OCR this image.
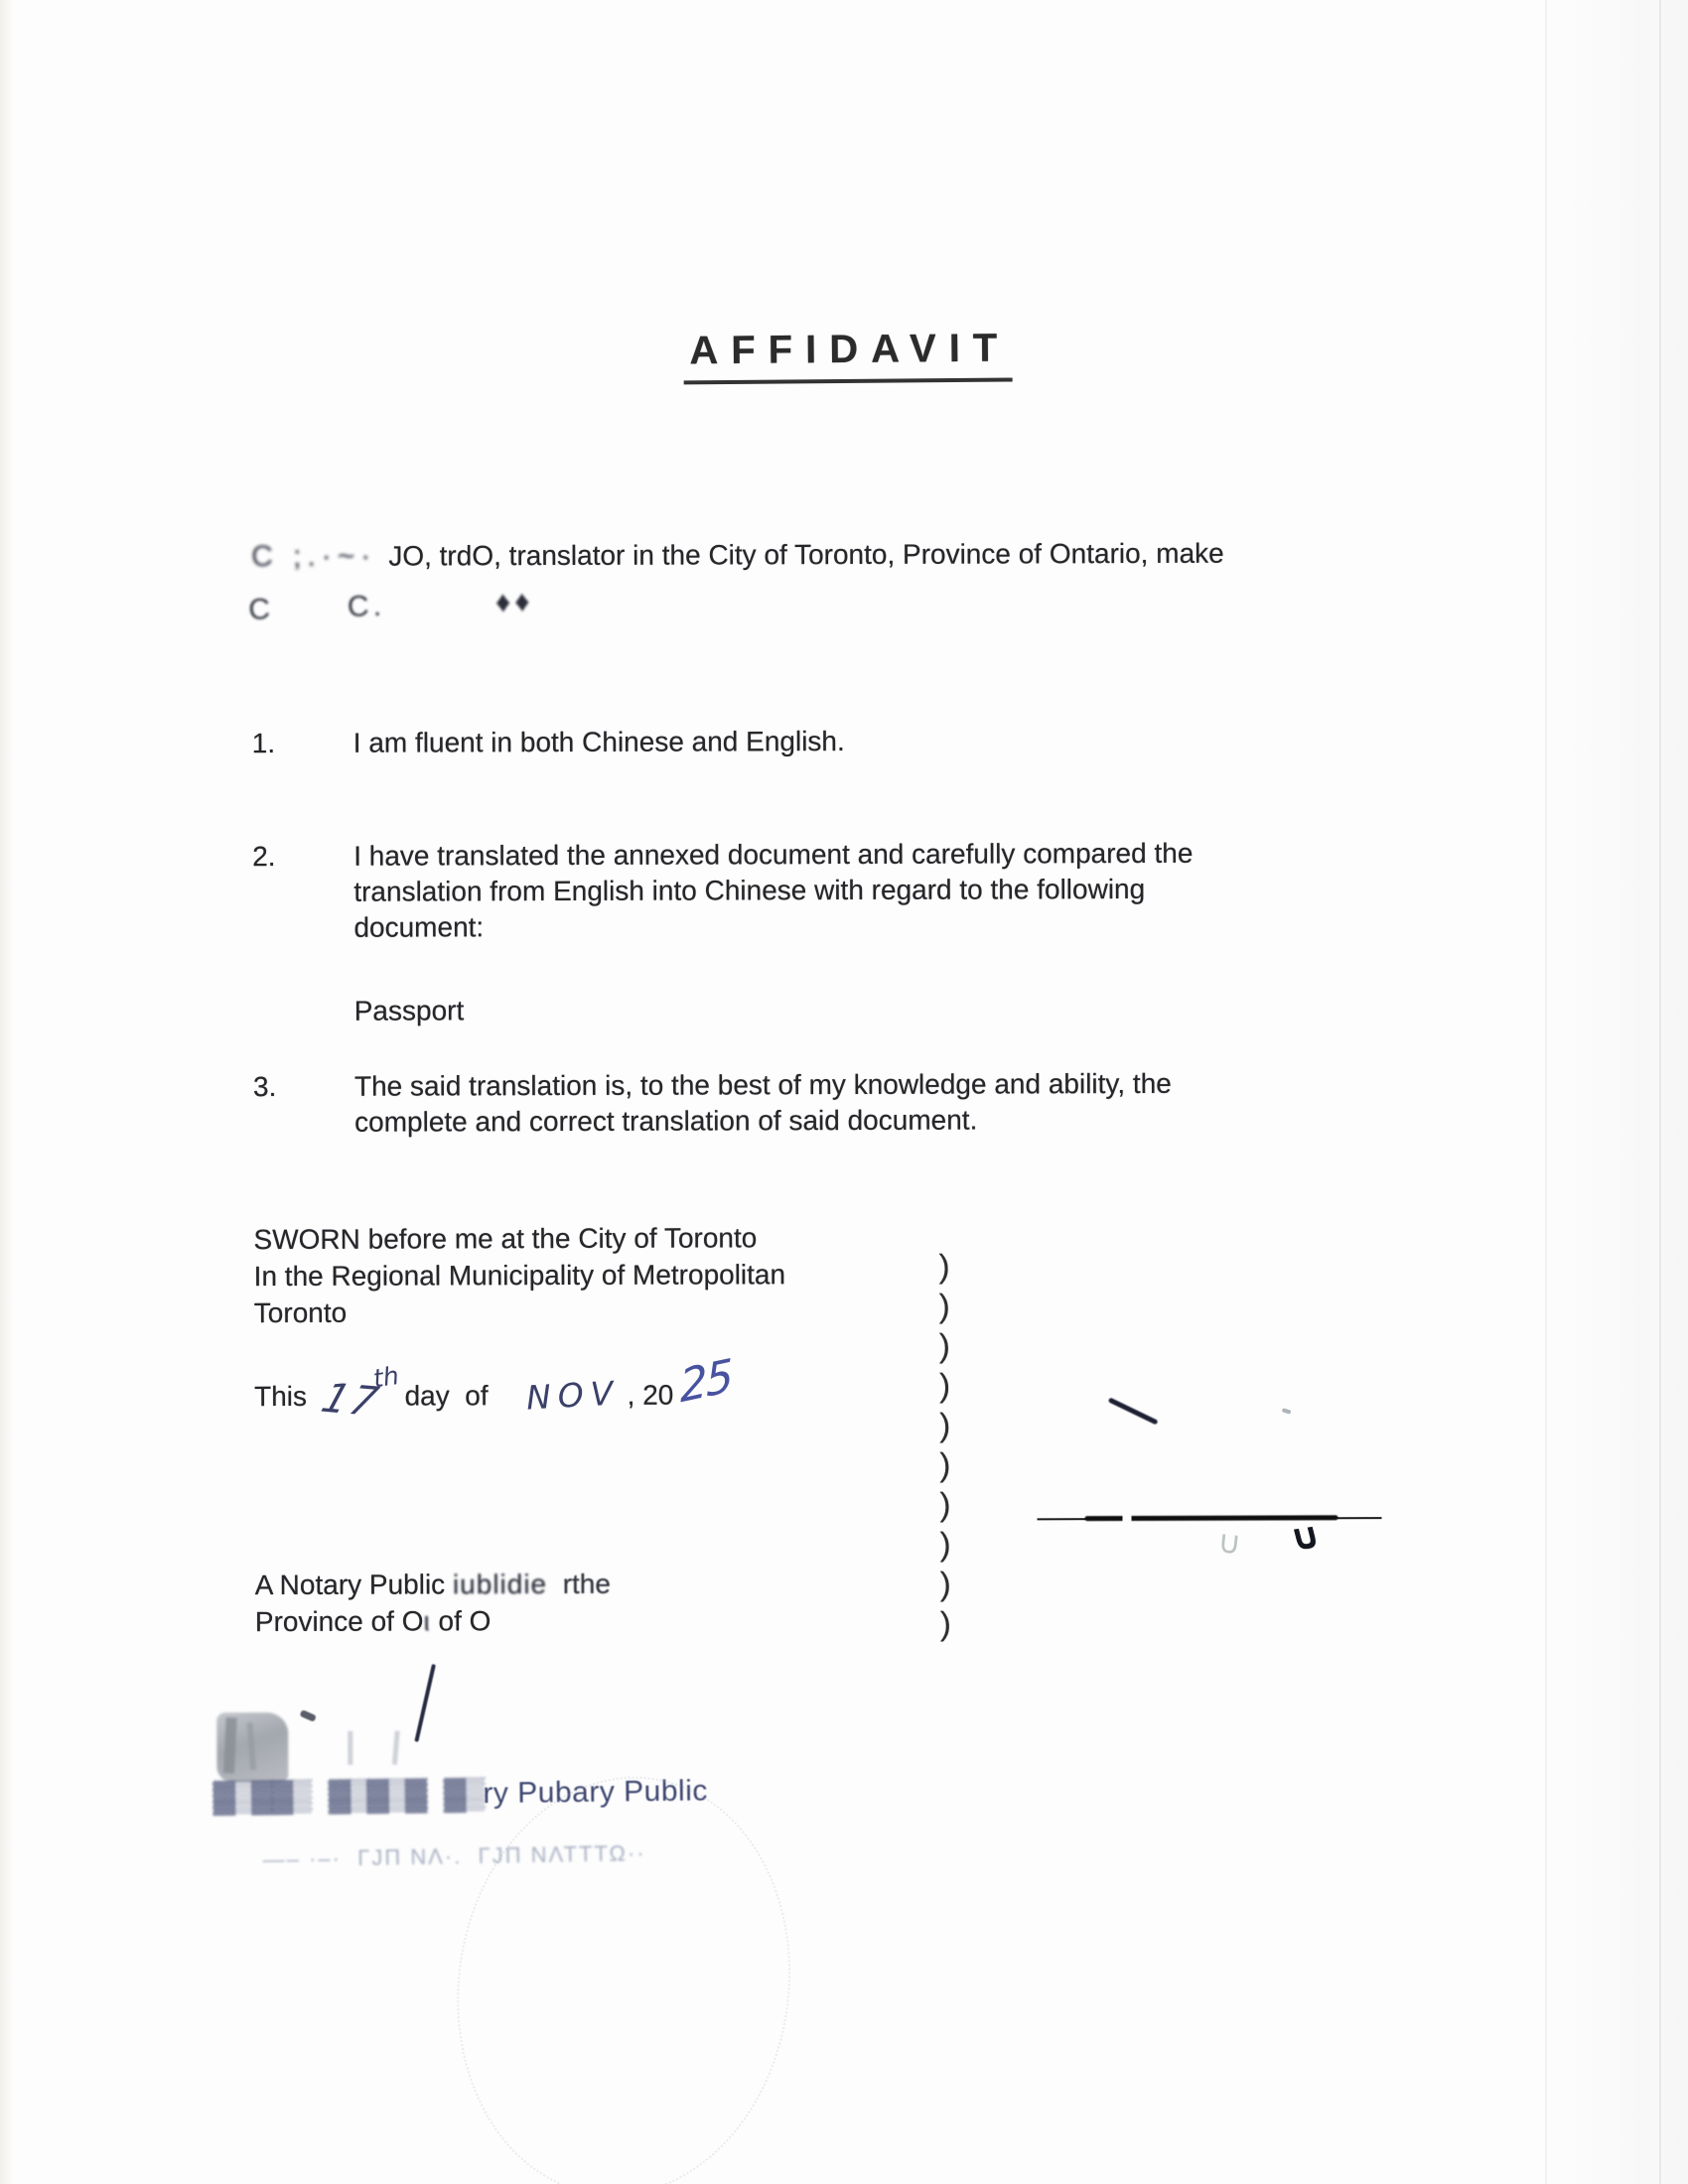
AFFIDAVIT
C ;.·~· JO, trdO, translator in the City of Toronto, Province of Ontario, make
C      C.         ♦♦
1.	I am fluent in both Chinese and English.
2.	I have translated the annexed document and carefully compared the
translation from English into Chinese with regard to the following
document:
Passport
3.	The said translation is, to the best of my knowledge and ability, the
complete and correct translation of said document.
SWORN before me at the City of Toronto
In the Regional Municipality of Metropolitan
Toronto
This 17thday  of NOV , 20 25
)
)
)
)
)
)
)
)
)
)
∪ ∪
A Notary Public iublidie rthe
Province of Oι of O
▓▒▓▓▒ ▓▒▓▒▓ ▓▒ry Pubary Public
―– ·–·  ΓJΠ ΝΛ·.  ΓJΠ ΝΛΤΤΤΩ··
